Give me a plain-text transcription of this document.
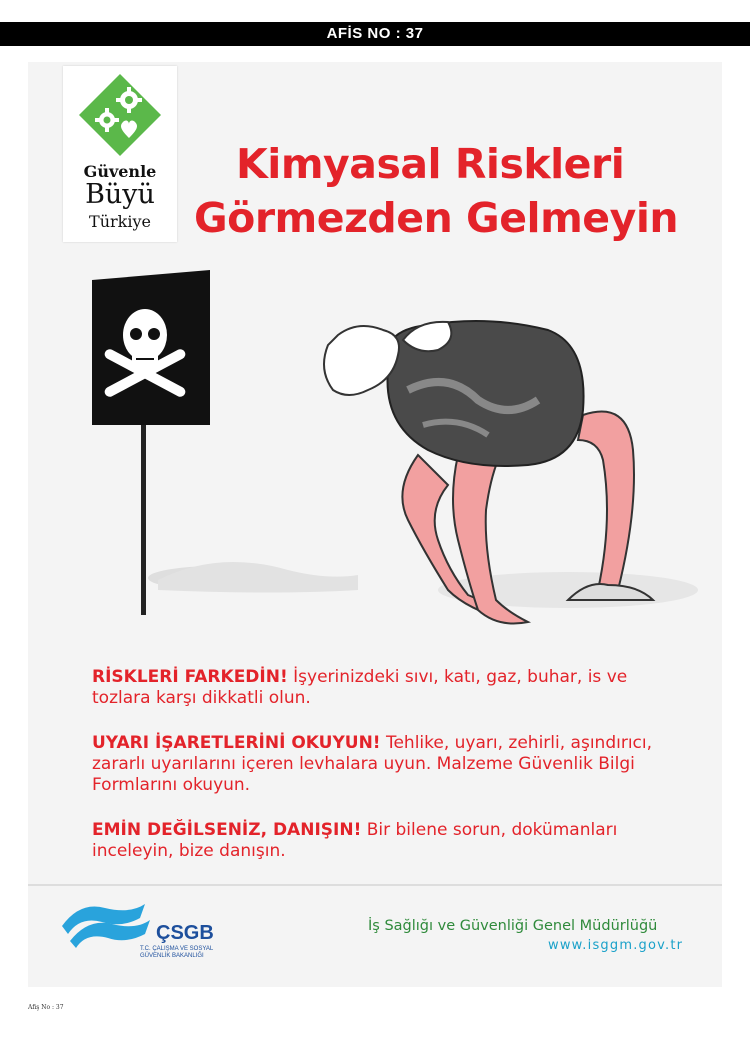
AFİS NO : 37
Güvenle
Büyü
Türkiye
Kimyasal Riskleri
Görmezden Gelmeyin
RİSKLERİ FARKEDİN! İşyerinizdeki sıvı, katı, gaz, buhar, is ve tozlara karşı dikkatli olun.
UYARI İŞARETLERİNİ OKUYUN! Tehlike, uyarı, zehirli, aşındırıcı, zararlı uyarılarını içeren levhalara uyun. Malzeme Güvenlik Bilgi Formlarını okuyun.
EMİN DEĞİLSENİZ, DANIŞIN! Bir bilene sorun, dokümanları inceleyin, bize danışın.
ÇSGB
T.C. ÇALIŞMA VE SOSYAL GÜVENLİK BAKANLIĞI
İş Sağlığı ve Güvenliği Genel Müdürlüğü
www.isggm.gov.tr
Afiş No : 37
